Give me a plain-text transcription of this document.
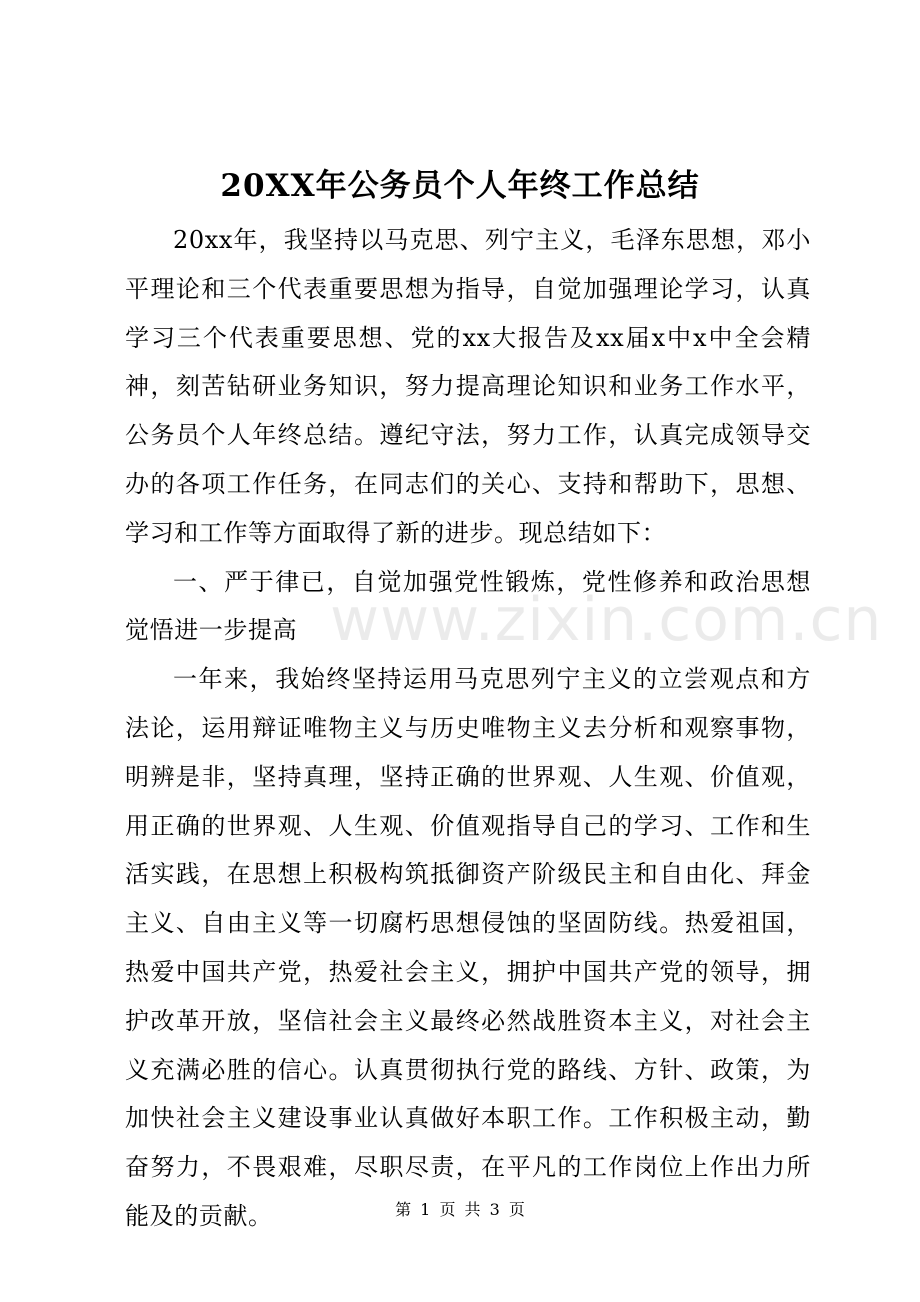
20XX年公务员个人年终工作总结

20xx年，我坚持以马克思、列宁主义，毛泽东思想，邓小平理论和三个代表重要思想为指导，自觉加强理论学习，认真学习三个代表重要思想、党的xx大报告及xx届x中x中全会精神，刻苦钻研业务知识，努力提高理论知识和业务工作水平，公务员个人年终总结。遵纪守法，努力工作，认真完成领导交办的各项工作任务，在同志们的关心、支持和帮助下，思想、学习和工作等方面取得了新的进步。现总结如下：

一、严于律已，自觉加强党性锻炼，党性修养和政治思想觉悟进一步提高

一年来，我始终坚持运用马克思列宁主义的立尝观点和方法论，运用辩证唯物主义与历史唯物主义去分析和观察事物，明辨是非，坚持真理，坚持正确的世界观、人生观、价值观，用正确的世界观、人生观、价值观指导自己的学习、工作和生活实践，在思想上积极构筑抵御资产阶级民主和自由化、拜金主义、自由主义等一切腐朽思想侵蚀的坚固防线。热爱祖国，热爱中国共产党，热爱社会主义，拥护中国共产党的领导，拥护改革开放，坚信社会主义最终必然战胜资本主义，对社会主义充满必胜的信心。认真贯彻执行党的路线、方针、政策，为加快社会主义建设事业认真做好本职工作。工作积极主动，勤奋努力，不畏艰难，尽职尽责，在平凡的工作岗位上作出力所能及的贡献。

www.zixin.com.cn
第 1 页 共 3 页
